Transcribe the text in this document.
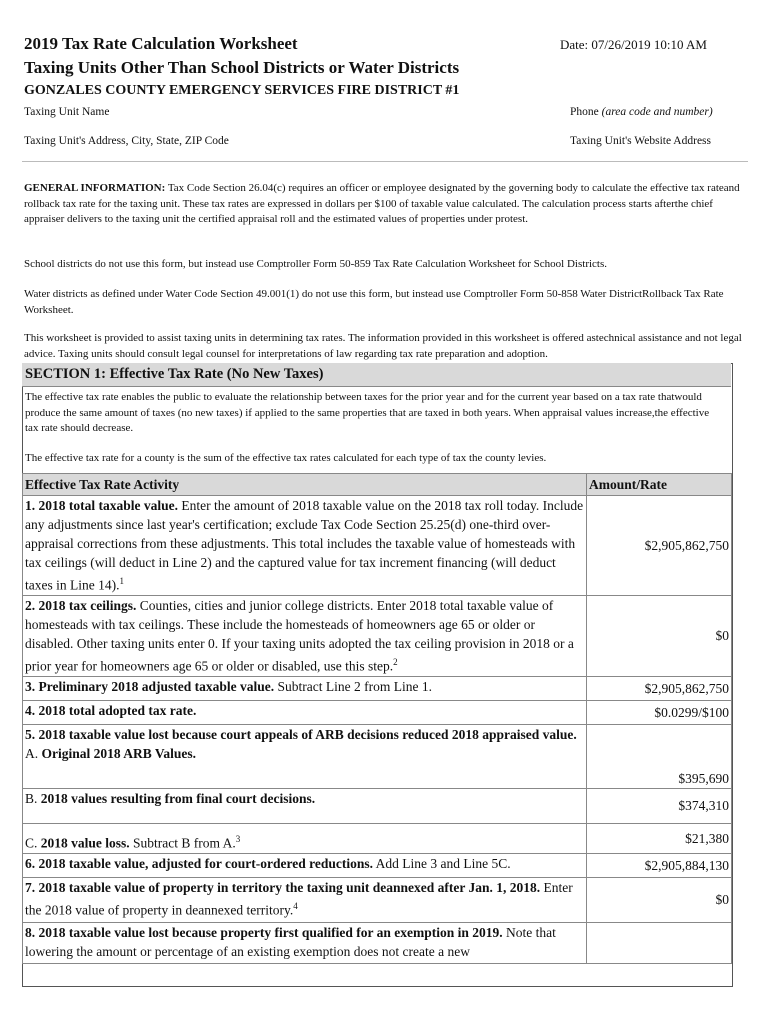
2019 Tax Rate Calculation Worksheet	Date: 07/26/2019 10:10 AM
Taxing Units Other Than School Districts or Water Districts
GONZALES COUNTY EMERGENCY SERVICES FIRE DISTRICT #1
Taxing Unit Name	Phone (area code and number)
Taxing Unit's Address, City, State, ZIP Code	Taxing Unit's Website Address
GENERAL INFORMATION: Tax Code Section 26.04(c) requires an officer or employee designated by the governing body to calculate the effective tax rateand rollback tax rate for the taxing unit. These tax rates are expressed in dollars per $100 of taxable value calculated. The calculation process starts afterthe chief appraiser delivers to the taxing unit the certified appraisal roll and the estimated values of properties under protest.
School districts do not use this form, but instead use Comptroller Form 50-859 Tax Rate Calculation Worksheet for School Districts.
Water districts as defined under Water Code Section 49.001(1) do not use this form, but instead use Comptroller Form 50-858 Water DistrictRollback Tax Rate Worksheet.
This worksheet is provided to assist taxing units in determining tax rates. The information provided in this worksheet is offered astechnical assistance and not legal advice. Taxing units should consult legal counsel for interpretations of law regarding tax rate preparation and adoption.
SECTION 1: Effective Tax Rate (No New Taxes)
The effective tax rate enables the public to evaluate the relationship between taxes for the prior year and for the current year based on a tax rate thatwould produce the same amount of taxes (no new taxes) if applied to the same properties that are taxed in both years. When appraisal values increase,the effective tax rate should decrease.
The effective tax rate for a county is the sum of the effective tax rates calculated for each type of tax the county levies.
Effective Tax Rate Activity	Amount/Rate
1. 2018 total taxable value. Enter the amount of 2018 taxable value on the 2018 tax roll today. Include any adjustments since last year's certification; exclude Tax Code Section 25.25(d) one-third over-appraisal corrections from these adjustments. This total includes the taxable value of homesteads with tax ceilings (will deduct in Line 2) and the captured value for tax increment financing (will deduct taxes in Line 14).$^1$	$2,905,862,750
2. 2018 tax ceilings. Counties, cities and junior college districts. Enter 2018 total taxable value of homesteads with tax ceilings. These include the homesteads of homeowners age 65 or older or disabled. Other taxing units enter 0. If your taxing units adopted the tax ceiling provision in 2018 or a prior year for homeowners age 65 or older or disabled, use this step.$^2$	$0
3. Preliminary 2018 adjusted taxable value. Subtract Line 2 from Line 1.	$2,905,862,750
4. 2018 total adopted tax rate.	$0.0299/$100
5. 2018 taxable value lost because court appeals of ARB decisions reduced 2018 appraised value.
A. Original 2018 ARB Values.	$395,690
B. 2018 values resulting from final court decisions.	$374,310
C. 2018 value loss. Subtract B from A.$^3$	$21,380
6. 2018 taxable value, adjusted for court-ordered reductions. Add Line 3 and Line 5C.	$2,905,884,130
7. 2018 taxable value of property in territory the taxing unit deannexed after Jan. 1, 2018. Enter the 2018 value of property in deannexed territory.$^4$	$0
8. 2018 taxable value lost because property first qualified for an exemption in 2019. Note that lowering the amount or percentage of an existing exemption does not create a new	
